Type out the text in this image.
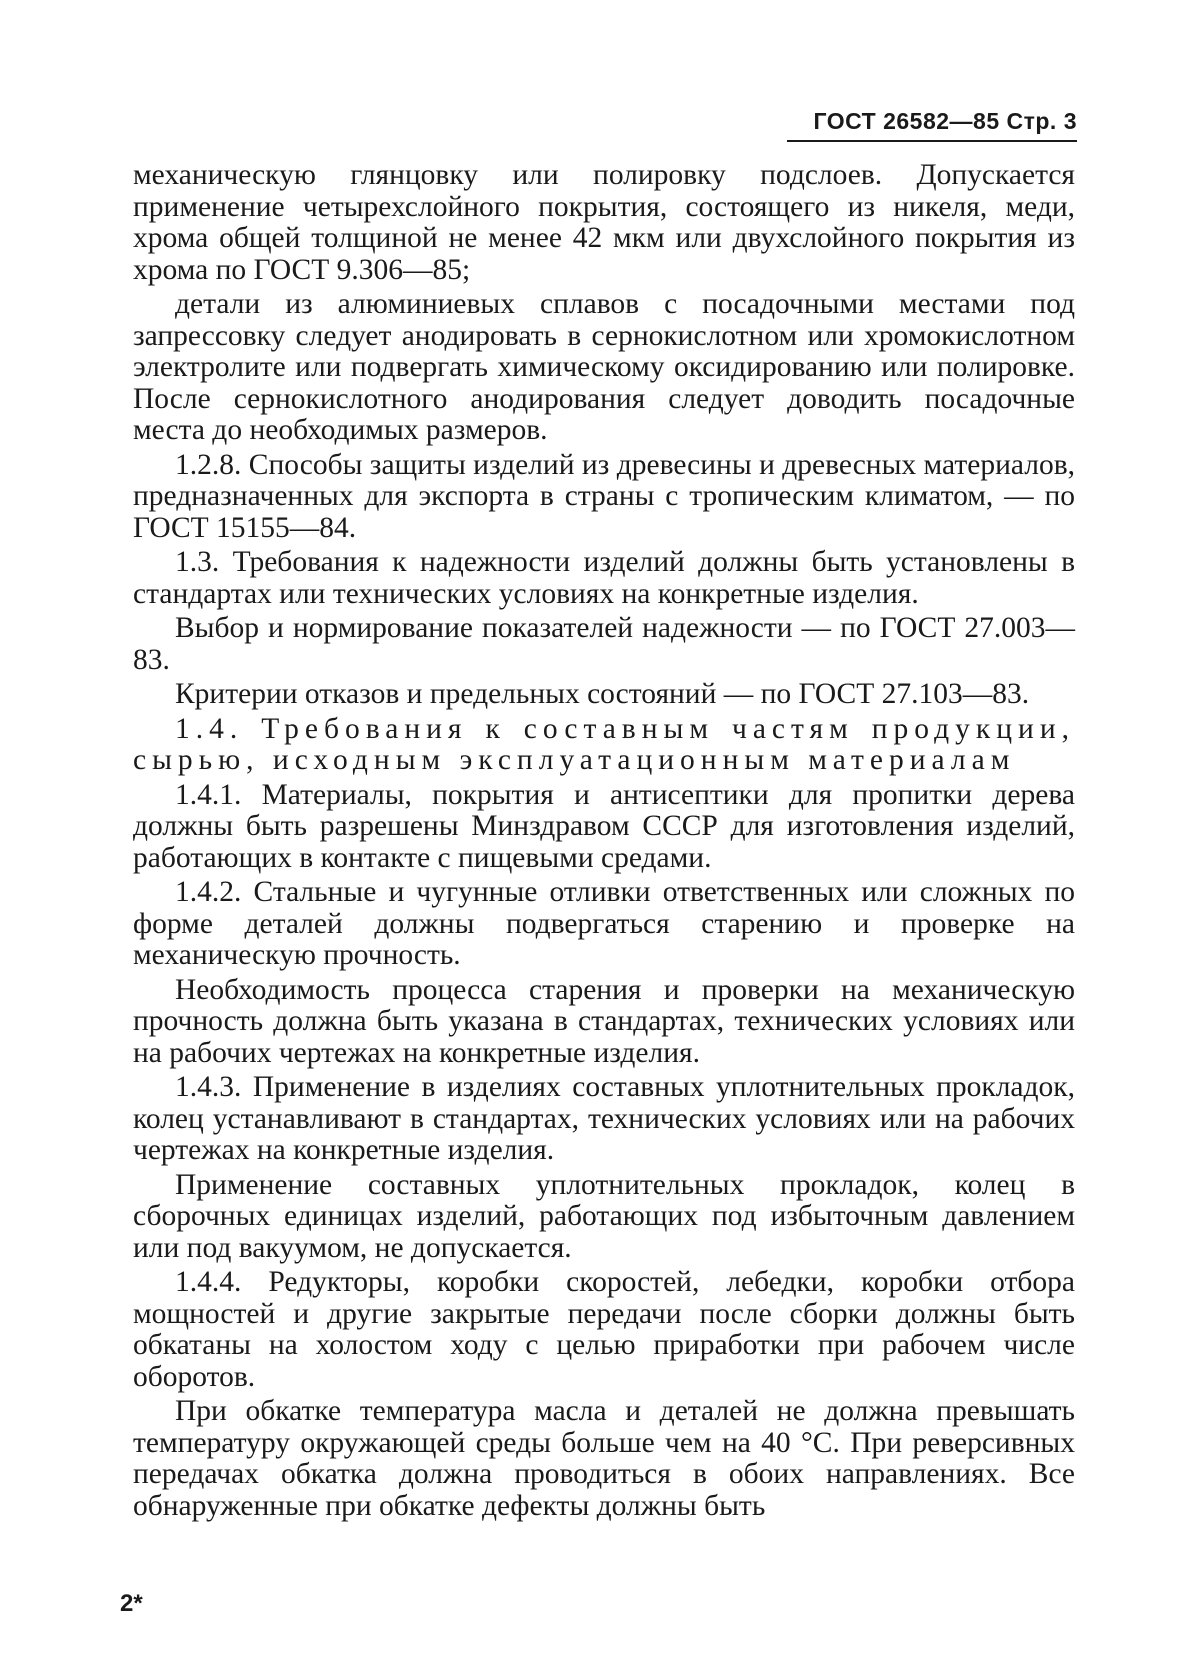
ГОСТ 26582—85 Стр. 3

механическую глянцовку или полировку подслоев. Допускается применение четырехслойного покрытия, состоящего из никеля, меди, хрома общей толщиной не менее 42 мкм или двухслойного покрытия из хрома по ГОСТ 9.306—85;

детали из алюминиевых сплавов с посадочными местами под запрессовку следует анодировать в сернокислотном или хромокислотном электролите или подвергать химическому оксидированию или полировке. После сернокислотного анодирования следует доводить посадочные места до необходимых размеров.

1.2.8. Способы защиты изделий из древесины и древесных материалов, предназначенных для экспорта в страны с тропическим климатом, — по ГОСТ 15155—84.

1.3. Требования к надежности изделий должны быть установлены в стандартах или технических условиях на конкретные изделия.

Выбор и нормирование показателей надежности — по ГОСТ 27.003—83.

Критерии отказов и предельных состояний — по ГОСТ 27.103—83.

1.4. Требования к составным частям продукции, сырью, исходным эксплуатационным материалам

1.4.1. Материалы, покрытия и антисептики для пропитки дерева должны быть разрешены Минздравом СССР для изготовления изделий, работающих в контакте с пищевыми средами.

1.4.2. Стальные и чугунные отливки ответственных или сложных по форме деталей должны подвергаться старению и проверке на механическую прочность.

Необходимость процесса старения и проверки на механическую прочность должна быть указана в стандартах, технических условиях или на рабочих чертежах на конкретные изделия.

1.4.3. Применение в изделиях составных уплотнительных прокладок, колец устанавливают в стандартах, технических условиях или на рабочих чертежах на конкретные изделия.

Применение составных уплотнительных прокладок, колец в сборочных единицах изделий, работающих под избыточным давлением или под вакуумом, не допускается.

1.4.4. Редукторы, коробки скоростей, лебедки, коробки отбора мощностей и другие закрытые передачи после сборки должны быть обкатаны на холостом ходу с целью приработки при рабочем числе оборотов.

При обкатке температура масла и деталей не должна превышать температуру окружающей среды больше чем на 40 °С. При реверсивных передачах обкатка должна проводиться в обоих направлениях. Все обнаруженные при обкатке дефекты должны быть

2*
